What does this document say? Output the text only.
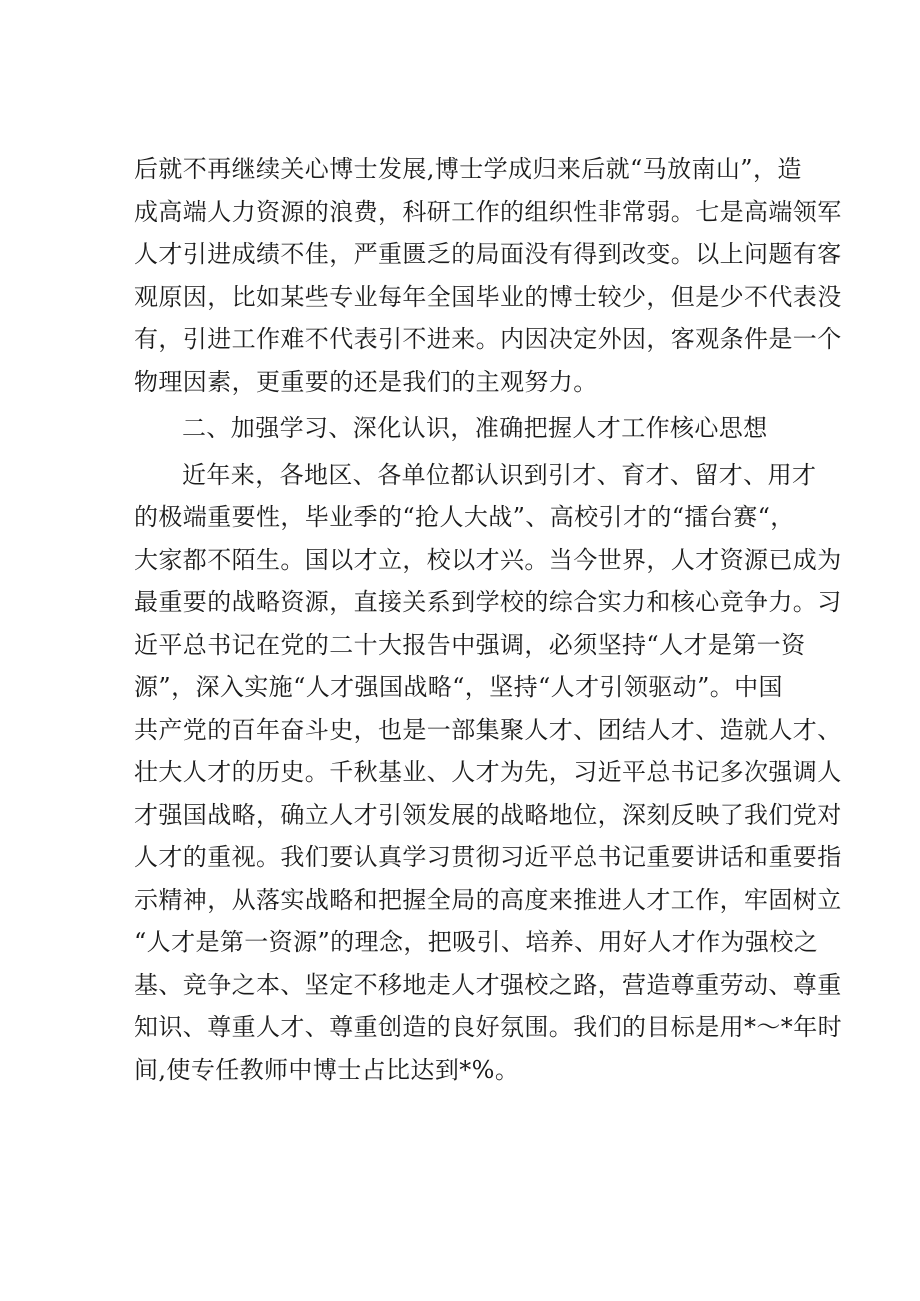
后就不再继续关心博士发展,博士学成归来后就“马放南山”，造
成高端人力资源的浪费，科研工作的组织性非常弱。七是高端领军
人才引进成绩不佳，严重匮乏的局面没有得到改变。以上问题有客
观原因，比如某些专业每年全国毕业的博士较少，但是少不代表没
有，引进工作难不代表引不进来。内因决定外因，客观条件是一个
物理因素，更重要的还是我们的主观努力。
二、加强学习、深化认识，准确把握人才工作核心思想
近年来，各地区、各单位都认识到引才、育才、留才、用才
的极端重要性，毕业季的“抢人大战”、高校引才的“擂台赛“，
大家都不陌生。国以才立，校以才兴。当今世界，人才资源已成为
最重要的战略资源，直接关系到学校的综合实力和核心竞争力。习
近平总书记在党的二十大报告中强调，必须坚持“人才是第一资
源”，深入实施“人才强国战略“，坚持“人才引领驱动”。中国
共产党的百年奋斗史，也是一部集聚人才、团结人才、造就人才、
壮大人才的历史。千秋基业、人才为先，习近平总书记多次强调人
才强国战略，确立人才引领发展的战略地位，深刻反映了我们党对
人才的重视。我们要认真学习贯彻习近平总书记重要讲话和重要指
示精神，从落实战略和把握全局的高度来推进人才工作，牢固树立
“人才是第一资源”的理念，把吸引、培养、用好人才作为强校之
基、竞争之本、坚定不移地走人才强校之路，营造尊重劳动、尊重
知识、尊重人才、尊重创造的良好氛围。我们的目标是用*～*年时
间,使专任教师中博士占比达到*%。
